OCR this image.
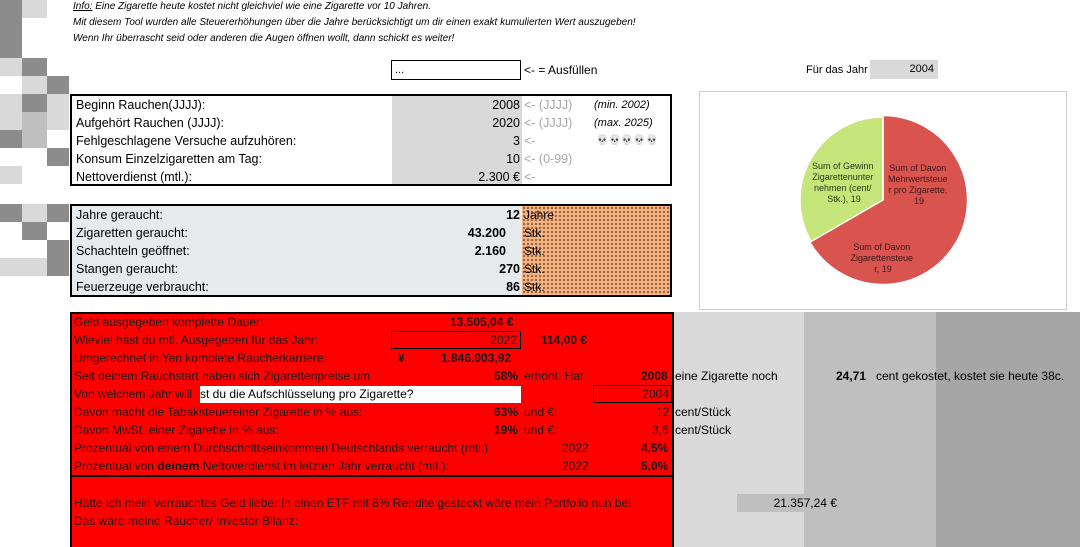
Info: Eine Zigarette heute kostet nicht gleichviel wie eine Zigarette vor 10 Jahren.
Mit diesem Tool wurden alle Steuererhöhungen über die Jahre berücksichtigt um dir einen exakt kumulierten Wert auszugeben!
Wenn Ihr überrascht seid oder anderen die Augen öffnen wollt, dann schickt es weiter!
...	<- = Ausfüllen	Für das Jahr	2004
Beginn Rauchen(JJJJ):	2008 <- (JJJJ) (min. 2002)
Aufgehört Rauchen (JJJJ):	2020 <- (JJJJ) (max. 2025)
Fehlgeschlagene Versuche aufzuhören:	3 <-	💀💀💀💀💀
Konsum Einzelzigaretten am Tag:	10 <- (0-99)
Nettoverdienst (mtl.):	2.300 € <-
Jahre geraucht:	12 Jahre
Zigaretten geraucht:	43.200 Stk.
Schachteln geöffnet:	2.160 Stk.
Stangen geraucht:	270 Stk.
Feuerzeuge verbraucht:	86 Stk.
Sum of Davon Mehrwertsteue r pro Zigarette, 19
Sum of Davon Zigarettensteue r, 19
Sum of Gewinn Zigarettenunter nehmen (cent/ Stk.), 19
Geld ausgegeben komplette Dauer:	13.505,04 €
Wieviel hast du mtl. Ausgegeben für das Jahr:	2022 114,00 €
Umgerechnet in Yen komplete Raucherkarriere:	¥	1.846.003,92
Seit deinem Rauchstart haben sich Zigarettenpreise um	58% erhöht. Hat	2008 eine Zigarette noch	24,71 cent gekostet, kostet sie heute 38c.
Von welchem Jahr will st du die Aufschlüsselung pro Zigarette?	2004
Davon macht die Tabaksteuereiner Zigarette in % aus:	63% und €:	12 cent/Stück
Davon MwSt. einer Zigarette in % aus:	19% und €:	3,6 cent/Stück
Prozentual von einem Durchschnittseinkommen Deutschlands verraucht (mtl.)	2022	4,5%
Prozentual von deinem Nettoverdienst im letzten Jahr verraucht (mtl.):	2022	5,0%
Hätte ich mein verrauchtes Geld lieber in einen ETF mit 8% Rendite gesteckt wäre mein Portfolio nun bei	21.357,24 €
Das wäre meine Raucher/ Investor Bilanz:
